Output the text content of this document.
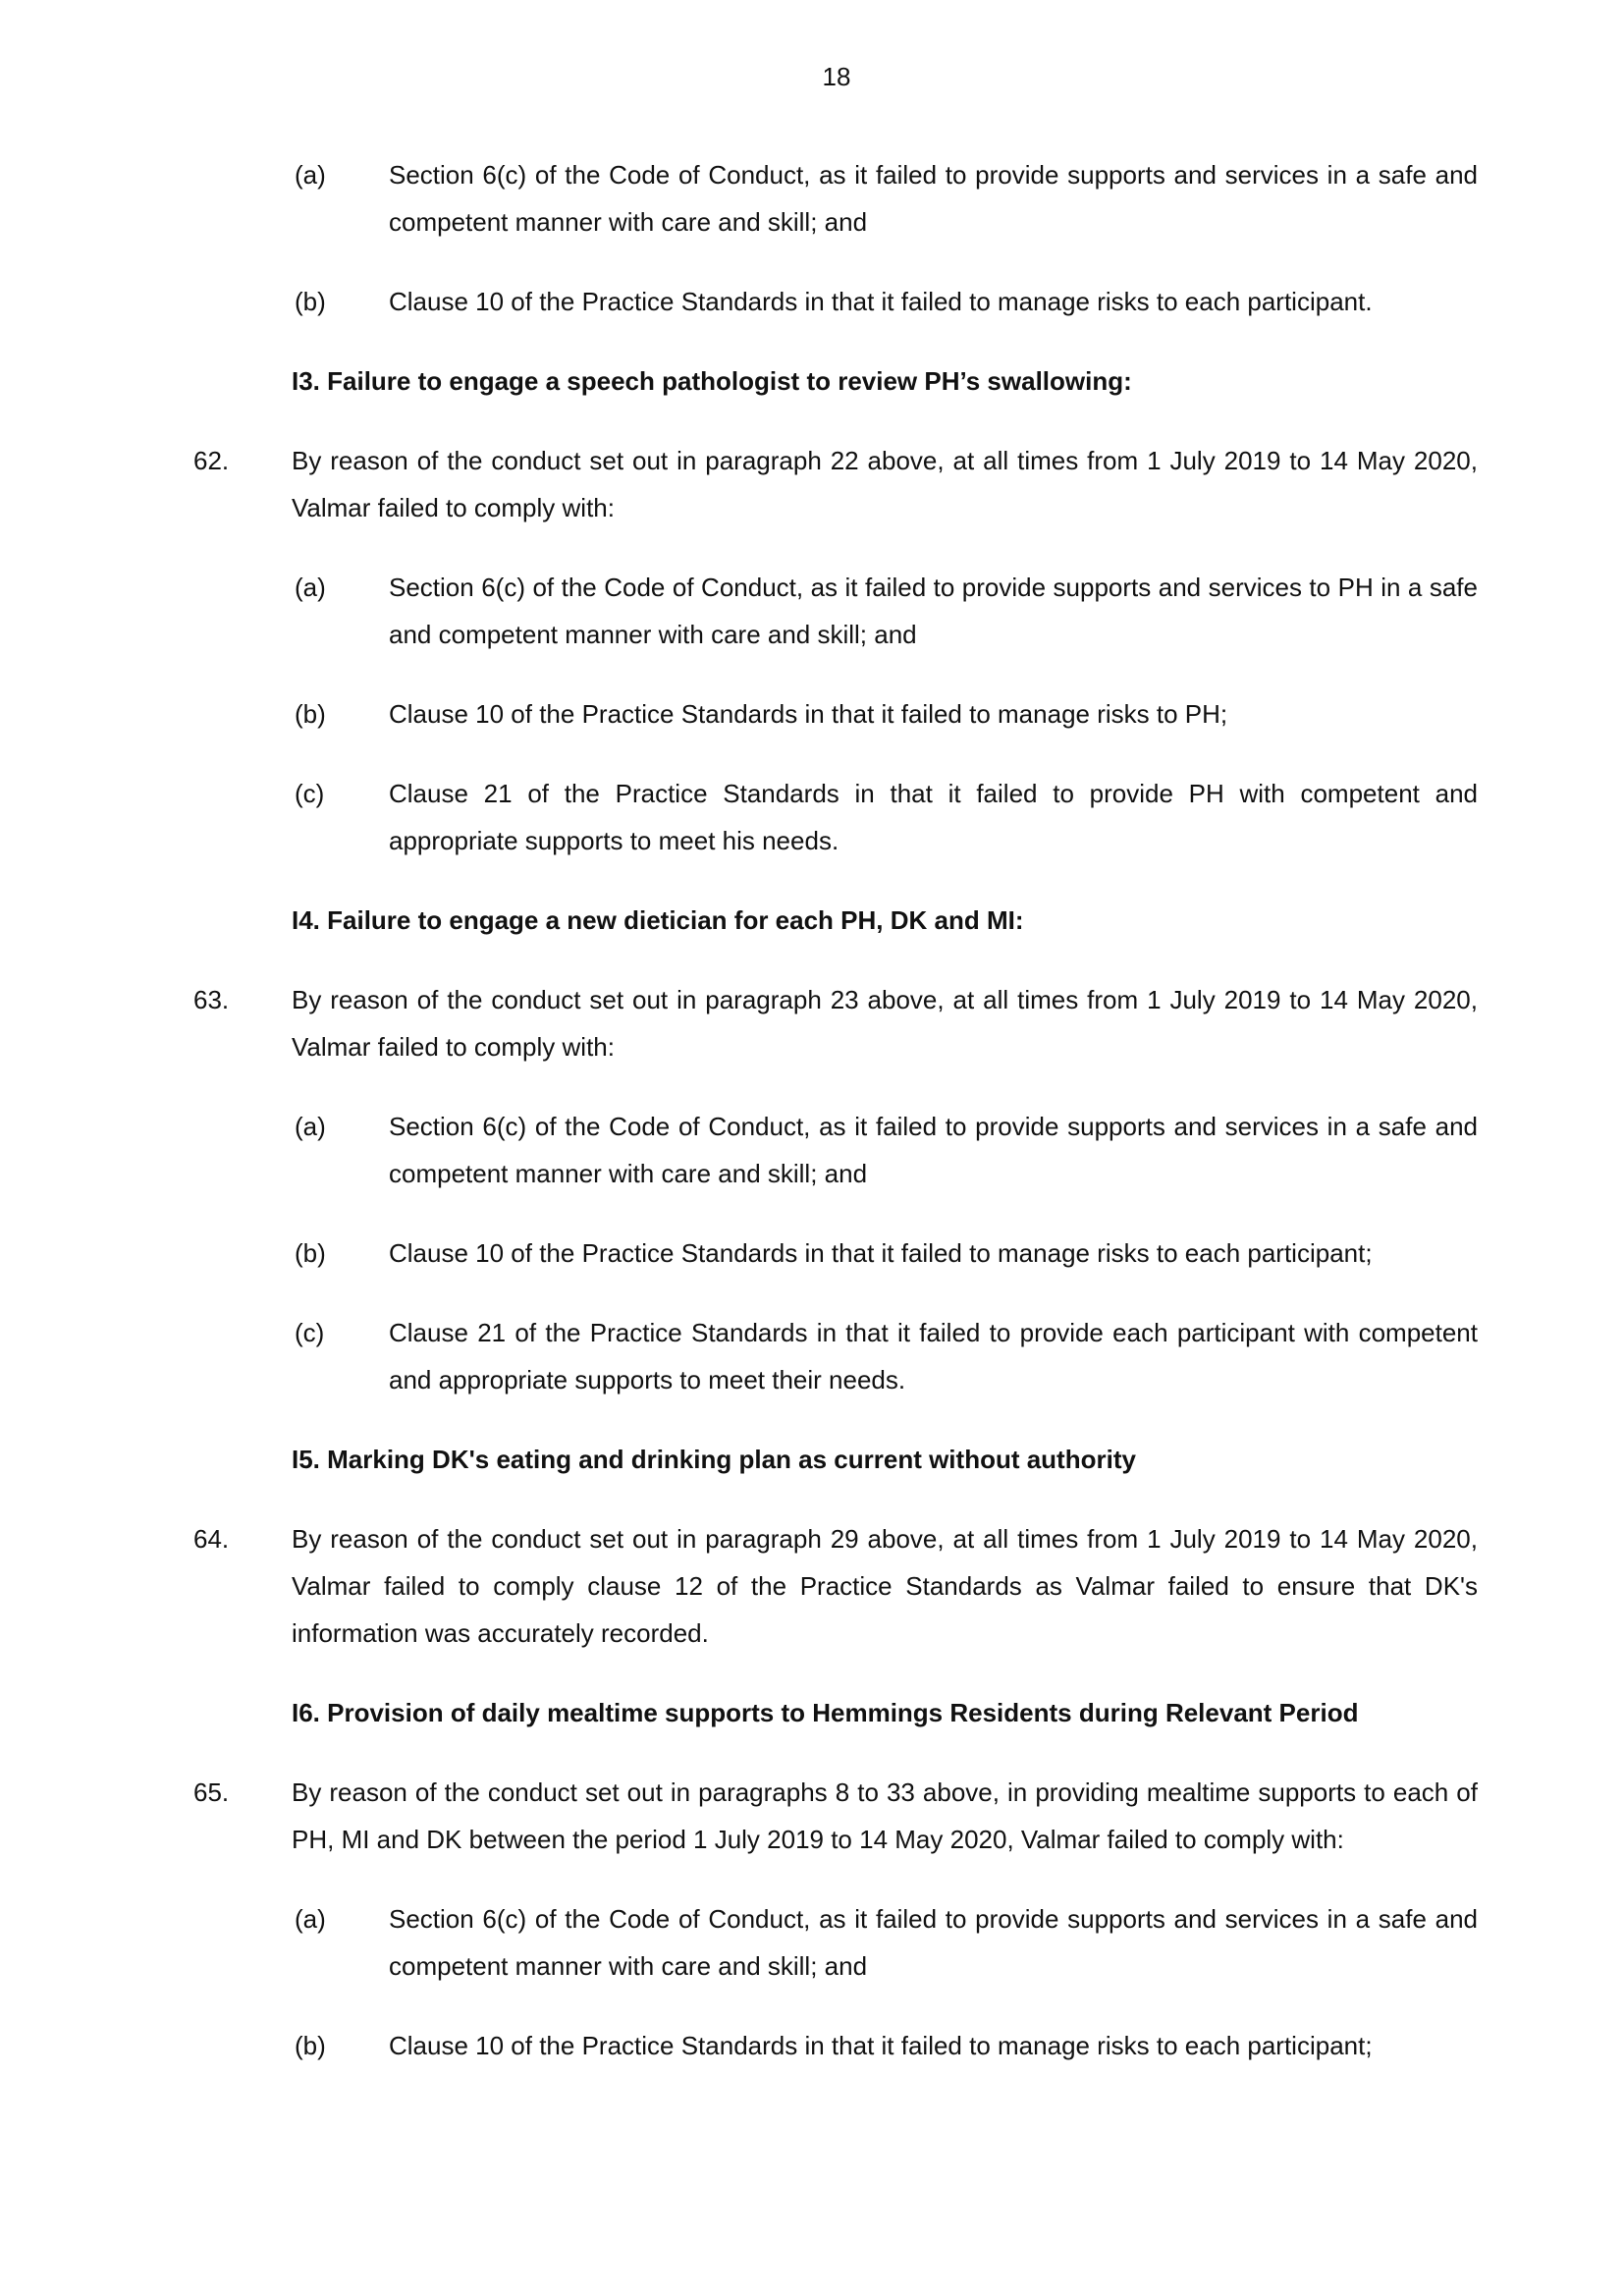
18
(a) Section 6(c) of the Code of Conduct, as it failed to provide supports and services in a safe and competent manner with care and skill; and
(b) Clause 10 of the Practice Standards in that it failed to manage risks to each participant.
I3. Failure to engage a speech pathologist to review PH’s swallowing:
62. By reason of the conduct set out in paragraph 22 above, at all times from 1 July 2019 to 14 May 2020, Valmar failed to comply with:
(a) Section 6(c) of the Code of Conduct, as it failed to provide supports and services to PH in a safe and competent manner with care and skill; and
(b) Clause 10 of the Practice Standards in that it failed to manage risks to PH;
(c)	Clause 21 of the Practice Standards in that it failed to provide PH with competent and appropriate supports to meet his needs.
I4. Failure to engage a new dietician for each PH, DK and MI:
63. By reason of the conduct set out in paragraph 23 above, at all times from 1 July 2019 to 14 May 2020, Valmar failed to comply with:
(a) Section 6(c) of the Code of Conduct, as it failed to provide supports and services in a safe and competent manner with care and skill; and
(b) Clause 10 of the Practice Standards in that it failed to manage risks to each participant;
(c)	Clause 21 of the Practice Standards in that it failed to provide each participant with competent and appropriate supports to meet their needs.
I5. Marking DK's eating and drinking plan as current without authority
64. By reason of the conduct set out in paragraph 29 above, at all times from 1 July 2019 to 14 May 2020, Valmar failed to comply clause 12 of the Practice Standards as Valmar failed to ensure that DK's information was accurately recorded.
I6. Provision of daily mealtime supports to Hemmings Residents during Relevant Period
65. By reason of the conduct set out in paragraphs 8 to 33 above, in providing mealtime supports to each of PH, MI and DK between the period 1 July 2019 to 14 May 2020, Valmar failed to comply with:
(a) Section 6(c) of the Code of Conduct, as it failed to provide supports and services in a safe and competent manner with care and skill; and
(b) Clause 10 of the Practice Standards in that it failed to manage risks to each participant;
